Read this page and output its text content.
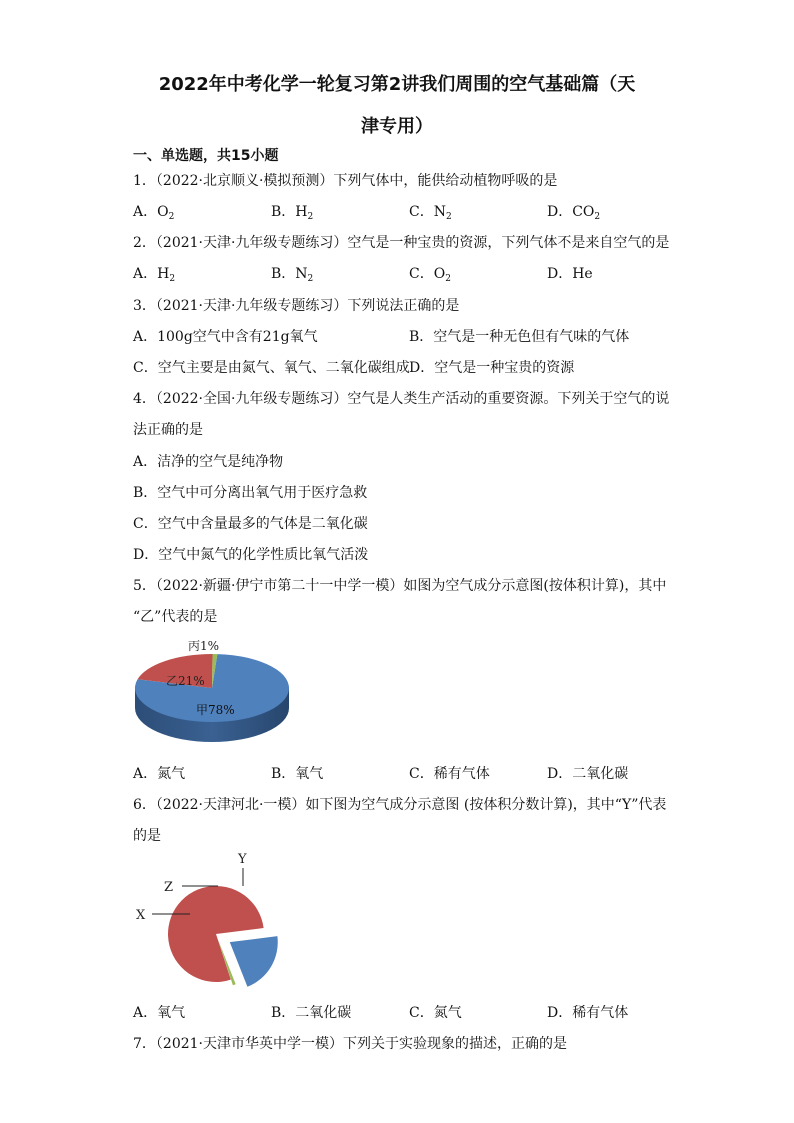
2022年中考化学一轮复习第2讲我们周围的空气基础篇（天
津专用）
一、单选题，共15小题
1．（2022·北京顺义·模拟预测）下列气体中，能供给动植物呼吸的是
A．$O_2$	B．$H_2$	C．$N_2$	D．$CO_2$
2．（2021·天津·九年级专题练习）空气是一种宝贵的资源，下列气体不是来自空气的是
A．$H_2$	B．$N_2$	C．$O_2$	D．He
3．（2021·天津·九年级专题练习）下列说法正确的是
A．100g空气中含有21g氧气	B．空气是一种无色但有气味的气体
C．空气主要是由氮气、氧气、二氧化碳组成 D．空气是一种宝贵的资源
4．（2022·全国·九年级专题练习）空气是人类生产活动的重要资源。下列关于空气的说
法正确的是
A．洁净的空气是纯净物
B．空气中可分离出氧气用于医疗急救
C．空气中含量最多的气体是二氧化碳
D．空气中氮气的化学性质比氧气活泼
5．（2022·新疆·伊宁市第二十一中学一模）如图为空气成分示意图(按体积计算)，其中
“乙”代表的是
丙1%
乙21%
甲78%
A．氮气	B．氧气	C．稀有气体	D．二氧化碳
6．（2022·天津河北·一模）如下图为空气成分示意图 (按体积分数计算)，其中“Y”代表
的是
Y
Z
X
A．氧气	B．二氧化碳	C．氮气	D．稀有气体
7．（2021·天津市华英中学一模）下列关于实验现象的描述，正确的是
